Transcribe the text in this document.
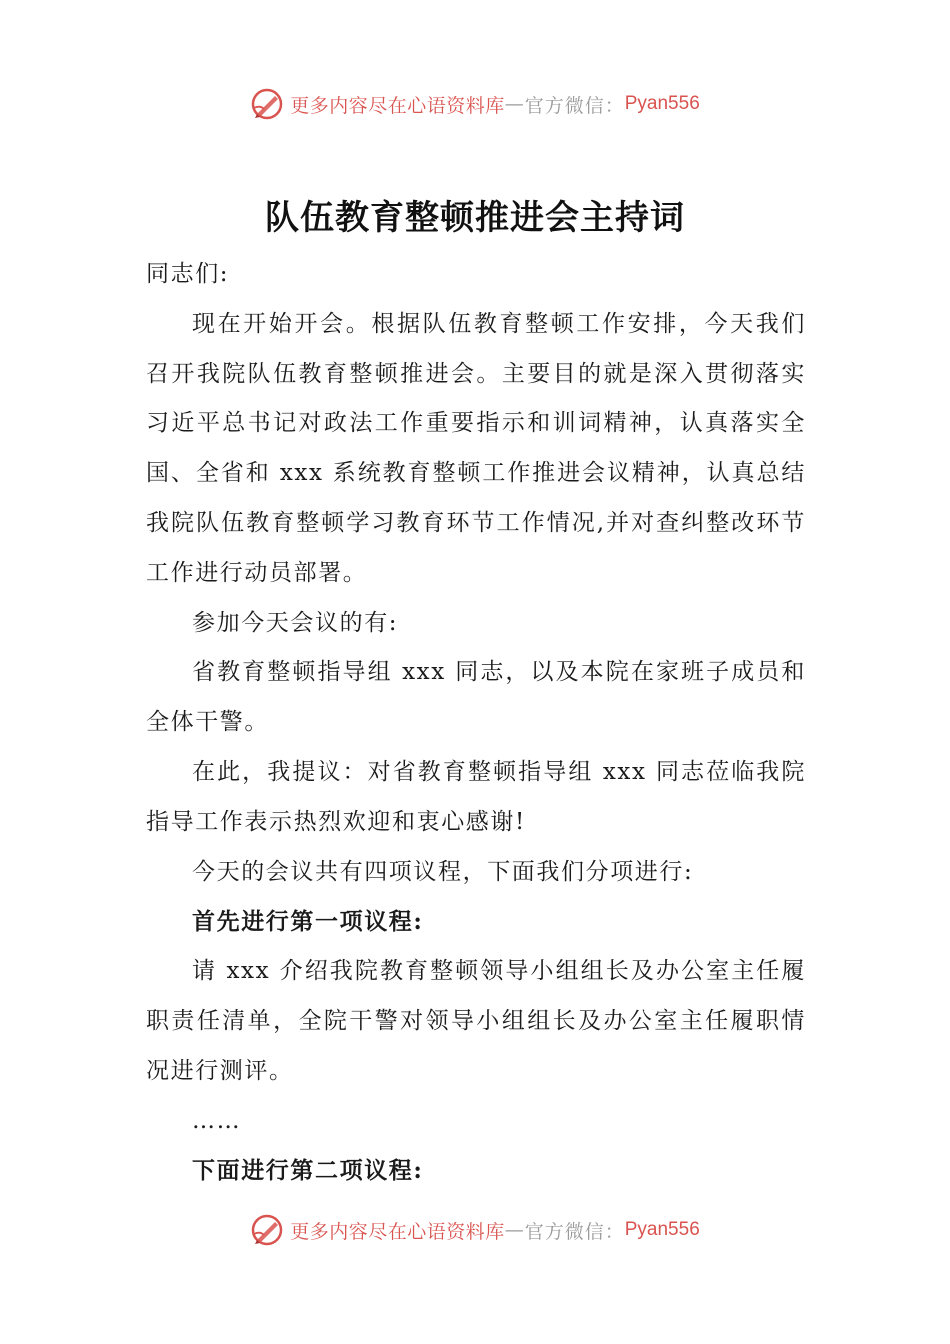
更多内容尽在心语资料库 — 官方微信： Pyan556
队伍教育整顿推进会主持词

同志们:

现在开始开会。根据队伍教育整顿工作安排，今天我们召开我院队伍教育整顿推进会。主要目的就是深入贯彻落实习近平总书记对政法工作重要指示和训词精神，认真落实全国、全省和 xxx 系统教育整顿工作推进会议精神，认真总结我院队伍教育整顿学习教育环节工作情况,并对查纠整改环节工作进行动员部署。

参加今天会议的有:

省教育整顿指导组 xxx 同志，以及本院在家班子成员和全体干警。

在此，我提议：对省教育整顿指导组 xxx 同志莅临我院指导工作表示热烈欢迎和衷心感谢!

今天的会议共有四项议程，下面我们分项进行:

首先进行第一项议程:

请 xxx 介绍我院教育整顿领导小组组长及办公室主任履职责任清单，全院干警对领导小组组长及办公室主任履职情况进行测评。

……

下面进行第二项议程:

更多内容尽在心语资料库 — 官方微信： Pyan556
